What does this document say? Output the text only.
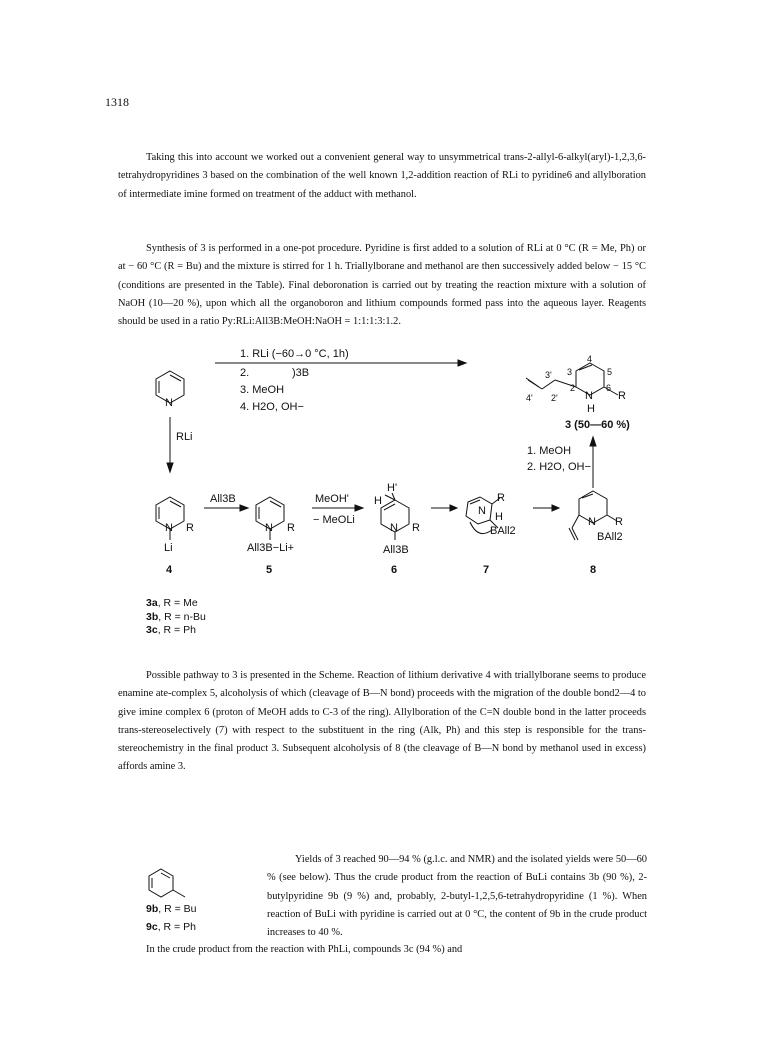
1318

Taking this into account we worked out a convenient general way to unsymmetrical trans-2-allyl-6-alkyl(aryl)-1,2,3,6-tetrahydropyridines 3 based on the combination of the well known 1,2-addition reaction of RLi to pyridine6 and allylboration of intermediate imine formed on treatment of the adduct with methanol.

Synthesis of 3 is performed in a one-pot procedure. Pyridine is first added to a solution of RLi at 0 °C (R = Me, Ph) or at − 60 °C (R = Bu) and the mixture is stirred for 1 h. Triallylborane and methanol are then successively added below − 15 °C (conditions are presented in the Table). Final deboronation is carried out by treating the reaction mixture with a solution of NaOH (10—20 %), upon which all the organoboron and lithium compounds formed pass into the aqueous layer. Reagents should be used in a ratio Py:RLi:All3B:MeOH:NaOH = 1:1:1:3:1.2.

N
1. RLi (−60→0 °C, 1h)
2.	)3B
3. MeOH
4. H2O, OH−
RLi
4
3	5
2	6
3'
4' 2' N R
H
3 (50—60 %)
1. MeOH
2. H2O, OH−
N R
Li
All3B
N R
All3B−Li+
MeOH'
− MeOLi
H'
H
N R
All3B
R
N H
BAll2
N R
BAll2
4	5	6	7	8
3a, R = Me
3b, R = n-Bu
3c, R = Ph

Possible pathway to 3 is presented in the Scheme. Reaction of lithium derivative 4 with triallylborane seems to produce enamine ate-complex 5, alcoholysis of which (cleavage of B—N bond) proceeds with the migration of the double bond2—4 to give imine complex 6 (proton of MeOH adds to C-3 of the ring). Allylboration of the C=N double bond in the latter proceeds trans-stereoselectively (7) with respect to the substituent in the ring (Alk, Ph) and this step is responsible for the trans-stereochemistry in the final product 3. Subsequent alcoholysis of 8 (the cleavage of B—N bond by methanol used in excess) affords amine 3.

9b, R = Bu
9c, R = Ph

Yields of 3 reached 90—94 % (g.l.c. and NMR) and the isolated yields were 50—60 % (see below). Thus the crude product from the reaction of BuLi contains 3b (90 %), 2-butylpyridine 9b (9 %) and, probably, 2-butyl-1,2,5,6-tetrahydropyridine (1 %). When reaction of BuLi with pyridine is carried out at 0 °C, the content of 9b in the crude product increases to 40 %.

In the crude product from the reaction with PhLi, compounds 3c (94 %) and
